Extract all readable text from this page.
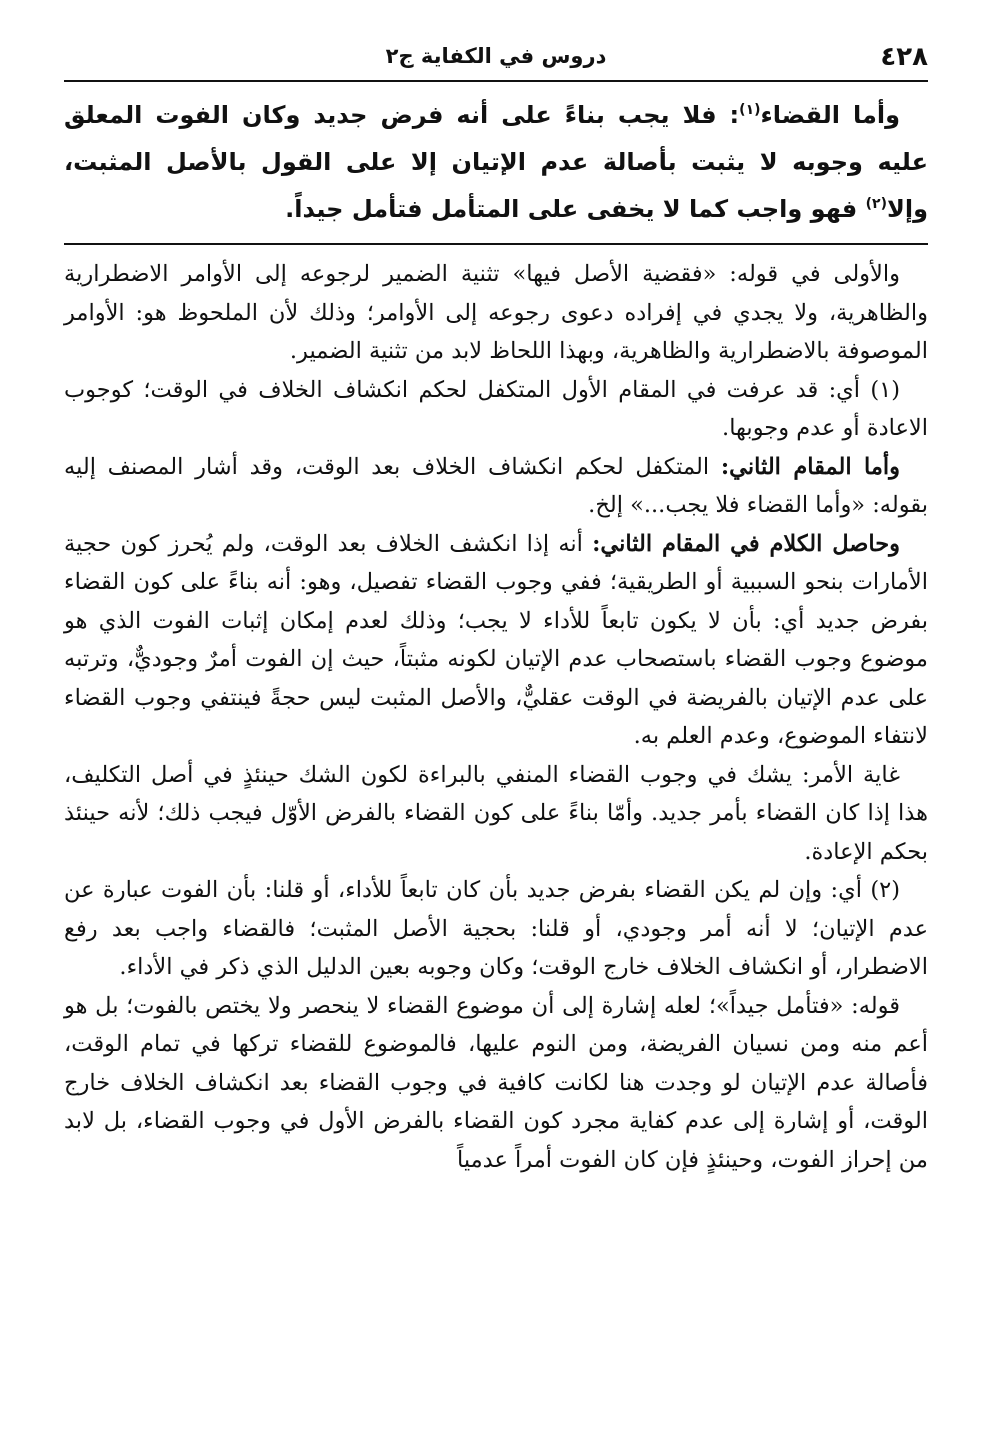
٤٢٨
دروس في الكفاية ج٢

وأما القضاء$^{(١)}$: فلا يجب بناءً على أنه فرض جديد وكان الفوت المعلق عليه وجوبه لا يثبت بأصالة عدم الإتيان إلا على القول بالأصل المثبت، وإلا$^{(٢)}$ فهو واجب كما لا يخفى على المتأمل فتأمل جيداً.

والأولى في قوله: «فقضية الأصل فيها» تثنية الضمير لرجوعه إلى الأوامر الاضطرارية والظاهرية، ولا يجدي في إفراده دعوى رجوعه إلى الأوامر؛ وذلك لأن الملحوظ هو: الأوامر الموصوفة بالاضطرارية والظاهرية، وبهذا اللحاظ لابد من تثنية الضمير.

(١) أي: قد عرفت في المقام الأول المتكفل لحكم انكشاف الخلاف في الوقت؛ كوجوب الاعادة أو عدم وجوبها.

وأما المقام الثاني: المتكفل لحكم انكشاف الخلاف بعد الوقت، وقد أشار المصنف إليه بقوله: «وأما القضاء فلا يجب...» إلخ.

وحاصل الكلام في المقام الثاني: أنه إذا انكشف الخلاف بعد الوقت، ولم يُحرز كون حجية الأمارات بنحو السببية أو الطريقية؛ ففي وجوب القضاء تفصيل، وهو: أنه بناءً على كون القضاء بفرض جديد أي: بأن لا يكون تابعاً للأداء لا يجب؛ وذلك لعدم إمكان إثبات الفوت الذي هو موضوع وجوب القضاء باستصحاب عدم الإتيان لكونه مثبتاً، حيث إن الفوت أمرٌ وجوديٌّ، وترتبه على عدم الإتيان بالفريضة في الوقت عقليٌّ، والأصل المثبت ليس حجةً فينتفي وجوب القضاء لانتفاء الموضوع، وعدم العلم به.

غاية الأمر: يشك في وجوب القضاء المنفي بالبراءة لكون الشك حينئذٍ في أصل التكليف، هذا إذا كان القضاء بأمر جديد. وأمّا بناءً على كون القضاء بالفرض الأوّل فيجب ذلك؛ لأنه حينئذ بحكم الإعادة.

(٢) أي: وإن لم يكن القضاء بفرض جديد بأن كان تابعاً للأداء، أو قلنا: بأن الفوت عبارة عن عدم الإتيان؛ لا أنه أمر وجودي، أو قلنا: بحجية الأصل المثبت؛ فالقضاء واجب بعد رفع الاضطرار، أو انكشاف الخلاف خارج الوقت؛ وكان وجوبه بعين الدليل الذي ذكر في الأداء.

قوله: «فتأمل جيداً»؛ لعله إشارة إلى أن موضوع القضاء لا ينحصر ولا يختص بالفوت؛ بل هو أعم منه ومن نسيان الفريضة، ومن النوم عليها، فالموضوع للقضاء تركها في تمام الوقت، فأصالة عدم الإتيان لو وجدت هنا لكانت كافية في وجوب القضاء بعد انكشاف الخلاف خارج الوقت، أو إشارة إلى عدم كفاية مجرد كون القضاء بالفرض الأول في وجوب القضاء، بل لابد من إحراز الفوت، وحينئذٍ فإن كان الفوت أمراً عدمياً
